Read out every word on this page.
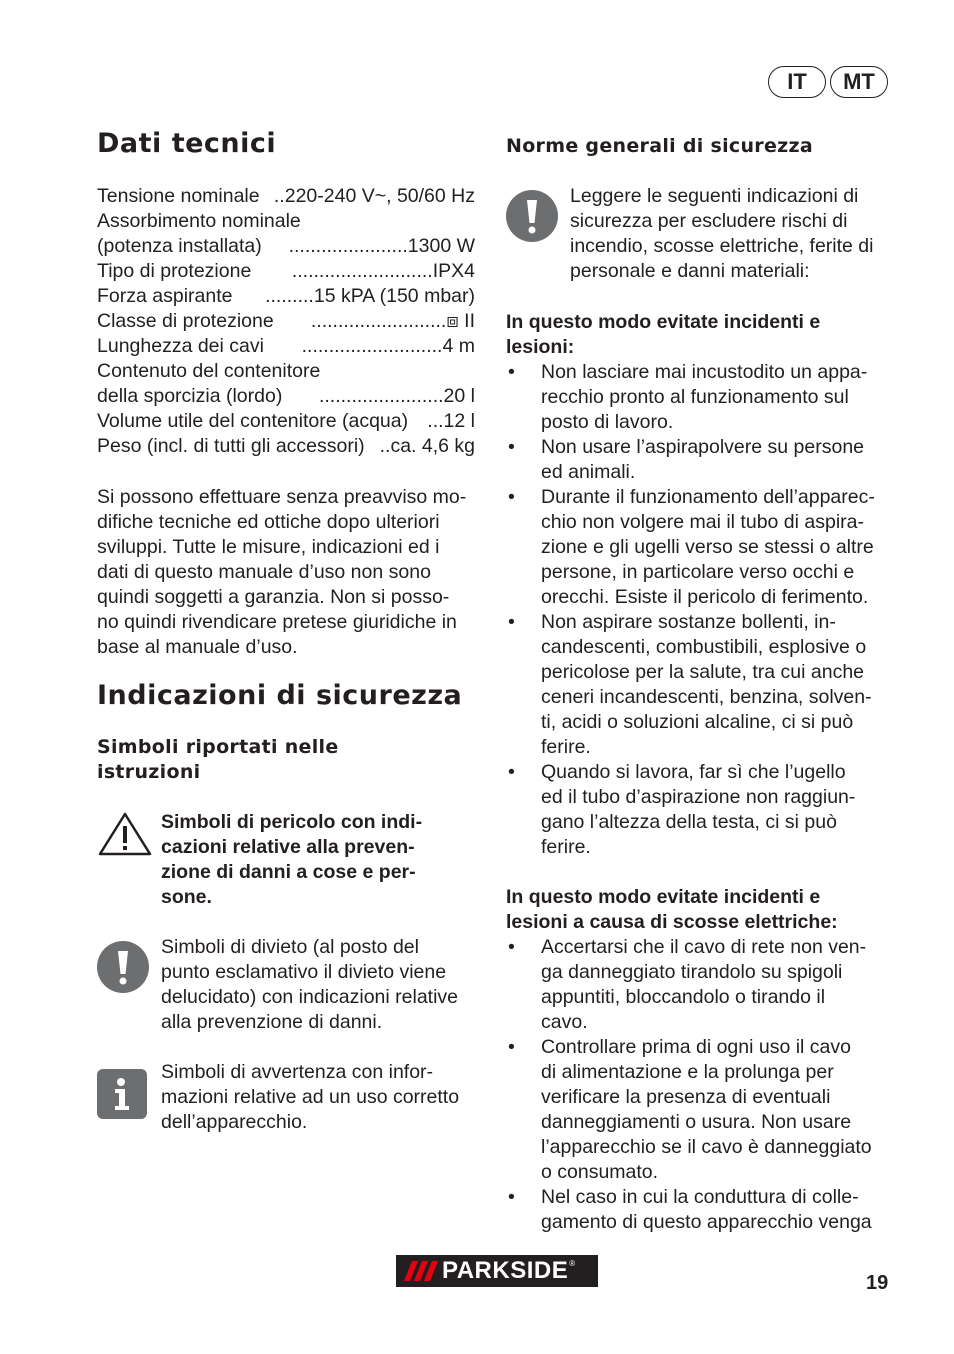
IT MT
Dati tecnici
Tensione nominale .. 220-240 V~, 50/60 Hz
Assorbimento nominale
(potenza installata)	...................... 1300 W
Tipo di protezione	.......................... IPX4
Forza aspirante	......... 15 kPA (150 mbar)
Classe di protezione	......................... ⧈ II
Lunghezza dei cavi	.......................... 4 m
Contenuto del contenitore
della sporcizia (lordo)	....................... 20 l
Volume utile del contenitore (acqua) ... 12 l
Peso (incl. di tutti gli accessori) .. ca. 4,6 kg
Si possono effettuare senza preavviso mo-
difiche tecniche ed ottiche dopo ulteriori
sviluppi. Tutte le misure, indicazioni ed i
dati di questo manuale d’uso non sono
quindi soggetti a garanzia. Non si posso-
no quindi rivendicare pretese giuridiche in
base al manuale d’uso.
Indicazioni di sicurezza
Simboli riportati nelle
istruzioni
Simboli di pericolo con indi-
cazioni relative alla preven-
zione di danni a cose e per-
sone.
Simboli di divieto (al posto del
punto esclamativo il divieto viene
delucidato) con indicazioni relative
alla prevenzione di danni.
Simboli di avvertenza con infor-
mazioni relative ad un uso corretto
dell’apparecchio.
Norme generali di sicurezza
Leggere le seguenti indicazioni di
sicurezza per escludere rischi di
incendio, scosse elettriche, ferite di
personale e danni materiali:
In questo modo evitate incidenti e
lesioni:
• Non lasciare mai incustodito un appa-
recchio pronto al funzionamento sul
posto di lavoro.
• Non usare l’aspirapolvere su persone
ed animali.
• Durante il funzionamento dell’apparec-
chio non volgere mai il tubo di aspira-
zione e gli ugelli verso se stessi o altre
persone, in particolare verso occhi e
orecchi. Esiste il pericolo di ferimento.
• Non aspirare sostanze bollenti, in-
candescenti, combustibili, esplosive o
pericolose per la salute, tra cui anche
ceneri incandescenti, benzina, solven-
ti, acidi o soluzioni alcaline, ci si può
ferire.
• Quando si lavora, far sì che l’ugello
ed il tubo d’aspirazione non raggiun-
gano l’altezza della testa, ci si può
ferire.
In questo modo evitate incidenti e
lesioni a causa di scosse elettriche:
• Accertarsi che il cavo di rete non ven-
ga danneggiato tirandolo su spigoli
appuntiti, bloccandolo o tirando il
cavo.
• Controllare prima di ogni uso il cavo
di alimentazione e la prolunga per
verificare la presenza di eventuali
danneggiamenti o usura. Non usare
l’apparecchio se il cavo è danneggiato
o consumato.
• Nel caso in cui la conduttura di colle-
gamento di questo apparecchio venga
PARKSIDE ®
19
